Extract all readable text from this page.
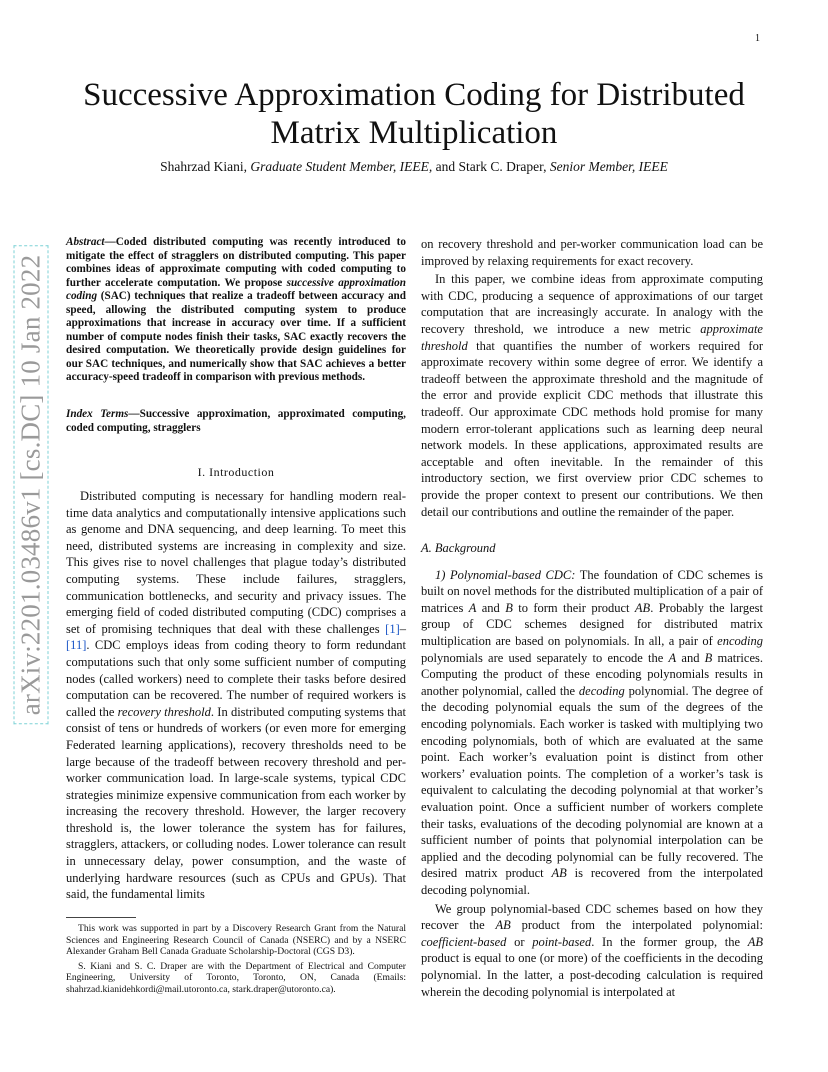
1
arXiv:2201.03486v1 [cs.DC] 10 Jan 2022
Successive Approximation Coding for Distributed Matrix Multiplication
Shahrzad Kiani, Graduate Student Member, IEEE, and Stark C. Draper, Senior Member, IEEE
Abstract—Coded distributed computing was recently introduced to mitigate the effect of stragglers on distributed computing. This paper combines ideas of approximate computing with coded computing to further accelerate computation. We propose successive approximation coding (SAC) techniques that realize a tradeoff between accuracy and speed, allowing the distributed computing system to produce approximations that increase in accuracy over time. If a sufficient number of compute nodes finish their tasks, SAC exactly recovers the desired computation. We theoretically provide design guidelines for our SAC techniques, and numerically show that SAC achieves a better accuracy-speed tradeoff in comparison with previous methods.
Index Terms—Successive approximation, approximated computing, coded computing, stragglers
I. Introduction

Distributed computing is necessary for handling modern real-time data analytics and computationally intensive applications such as genome and DNA sequencing, and deep learning. To meet this need, distributed systems are increasing in complexity and size. This gives rise to novel challenges that plague today’s distributed computing systems. These include failures, stragglers, communication bottlenecks, and security and privacy issues. The emerging field of coded distributed computing (CDC) comprises a set of promising techniques that deal with these challenges [1]–[11]. CDC employs ideas from coding theory to form redundant computations such that only some sufficient number of computing nodes (called workers) need to complete their tasks before desired computation can be recovered. The number of required workers is called the recovery threshold. In distributed computing systems that consist of tens or hundreds of workers (or even more for emerging Federated learning applications), recovery thresholds need to be large because of the tradeoff between recovery threshold and per-worker communication load. In large-scale systems, typical CDC strategies minimize expensive communication from each worker by increasing the recovery threshold. However, the larger recovery threshold is, the lower tolerance the system has for failures, stragglers, attackers, or colluding nodes. Lower tolerance can result in unnecessary delay, power consumption, and the waste of underlying hardware resources (such as CPUs and GPUs). That said, the fundamental limits

This work was supported in part by a Discovery Research Grant from the Natural Sciences and Engineering Research Council of Canada (NSERC) and by a NSERC Alexander Graham Bell Canada Graduate Scholarship-Doctoral (CGS D3).

S. Kiani and S. C. Draper are with the Department of Electrical and Computer Engineering, University of Toronto, Toronto, ON, Canada (Emails: shahrzad.kianidehkordi@mail.utoronto.ca, stark.draper@utoronto.ca).

on recovery threshold and per-worker communication load can be improved by relaxing requirements for exact recovery.

In this paper, we combine ideas from approximate computing with CDC, producing a sequence of approximations of our target computation that are increasingly accurate. In analogy with the recovery threshold, we introduce a new metric approximate threshold that quantifies the number of workers required for approximate recovery within some degree of error. We identify a tradeoff between the approximate threshold and the magnitude of the error and provide explicit CDC methods that illustrate this tradeoff. Our approximate CDC methods hold promise for many modern error-tolerant applications such as learning deep neural network models. In these applications, approximated results are acceptable and often inevitable. In the remainder of this introductory section, we first overview prior CDC schemes to provide the proper context to present our contributions. We then detail our contributions and outline the remainder of the paper.

A. Background

1) Polynomial-based CDC: The foundation of CDC schemes is built on novel methods for the distributed multiplication of a pair of matrices A and B to form their product AB. Probably the largest group of CDC schemes designed for distributed matrix multiplication are based on polynomials. In all, a pair of encoding polynomials are used separately to encode the A and B matrices. Computing the product of these encoding polynomials results in another polynomial, called the decoding polynomial. The degree of the decoding polynomial equals the sum of the degrees of the encoding polynomials. Each worker is tasked with multiplying two encoding polynomials, both of which are evaluated at the same point. Each worker’s evaluation point is distinct from other workers’ evaluation points. The completion of a worker’s task is equivalent to calculating the decoding polynomial at that worker’s evaluation point. Once a sufficient number of workers complete their tasks, evaluations of the decoding polynomial are known at a sufficient number of points that polynomial interpolation can be applied and the decoding polynomial can be fully recovered. The desired matrix product AB is recovered from the interpolated decoding polynomial.

We group polynomial-based CDC schemes based on how they recover the AB product from the interpolated polynomial: coefficient-based or point-based. In the former group, the AB product is equal to one (or more) of the coefficients in the decoding polynomial. In the latter, a post-decoding calculation is required wherein the decoding polynomial is interpolated at
